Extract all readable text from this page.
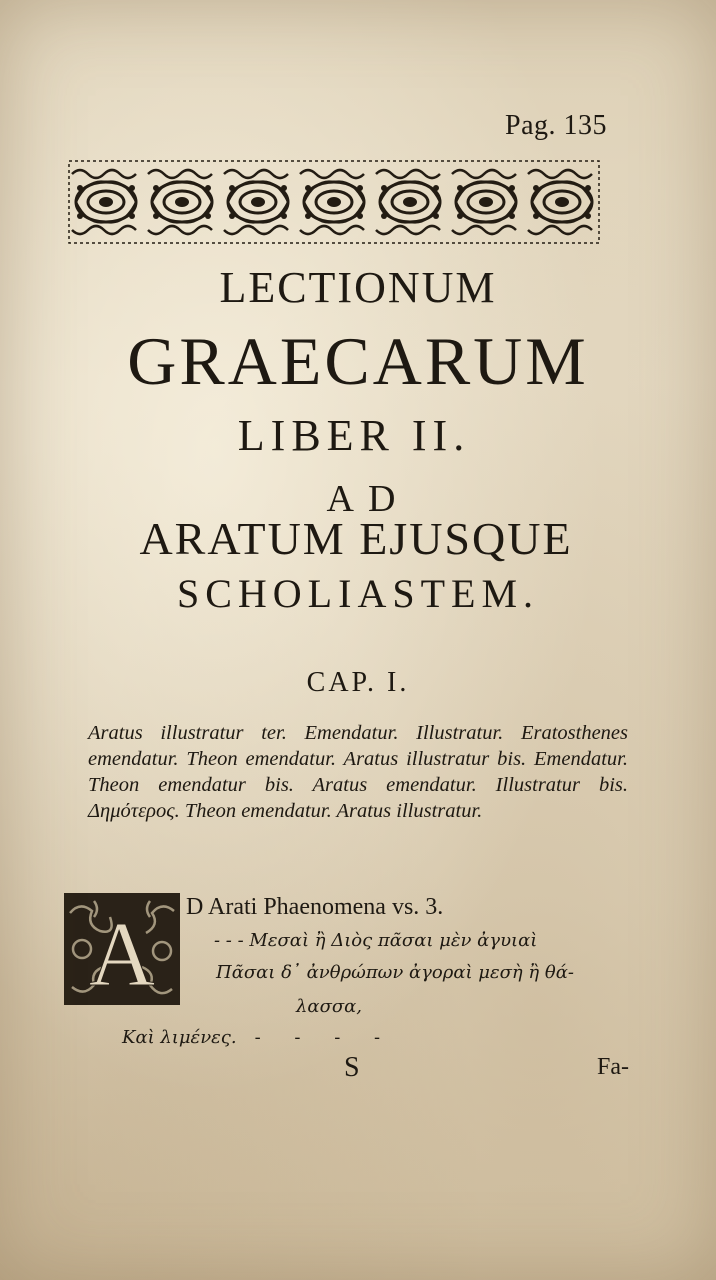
Pag. 135
LECTIONUM
GRAECARUM
LIBER II.
AD
ARATUM EJUSQUE
SCHOLIASTEM.
CAP. I.
Aratus illustratur ter. Emendatur. Illustratur. Eratosthenes emendatur. Theon emendatur. Aratus illustratur bis. Emendatur. Theon emendatur bis. Aratus emendatur. Illustratur bis. Δημότερος. Theon emendatur. Aratus illustratur.
A D Arati Phaenomena vs. 3.
- - - Μεσαὶ ἢ Διὸς πᾶσαι μὲν ἀγυιαὶ
Πᾶσαι δ᾽ ἀνθρώπων ἀγοραὶ μεσὴ ἢ θά-
λασσα,
Καὶ λιμένες. - - - -
S	Fa-
